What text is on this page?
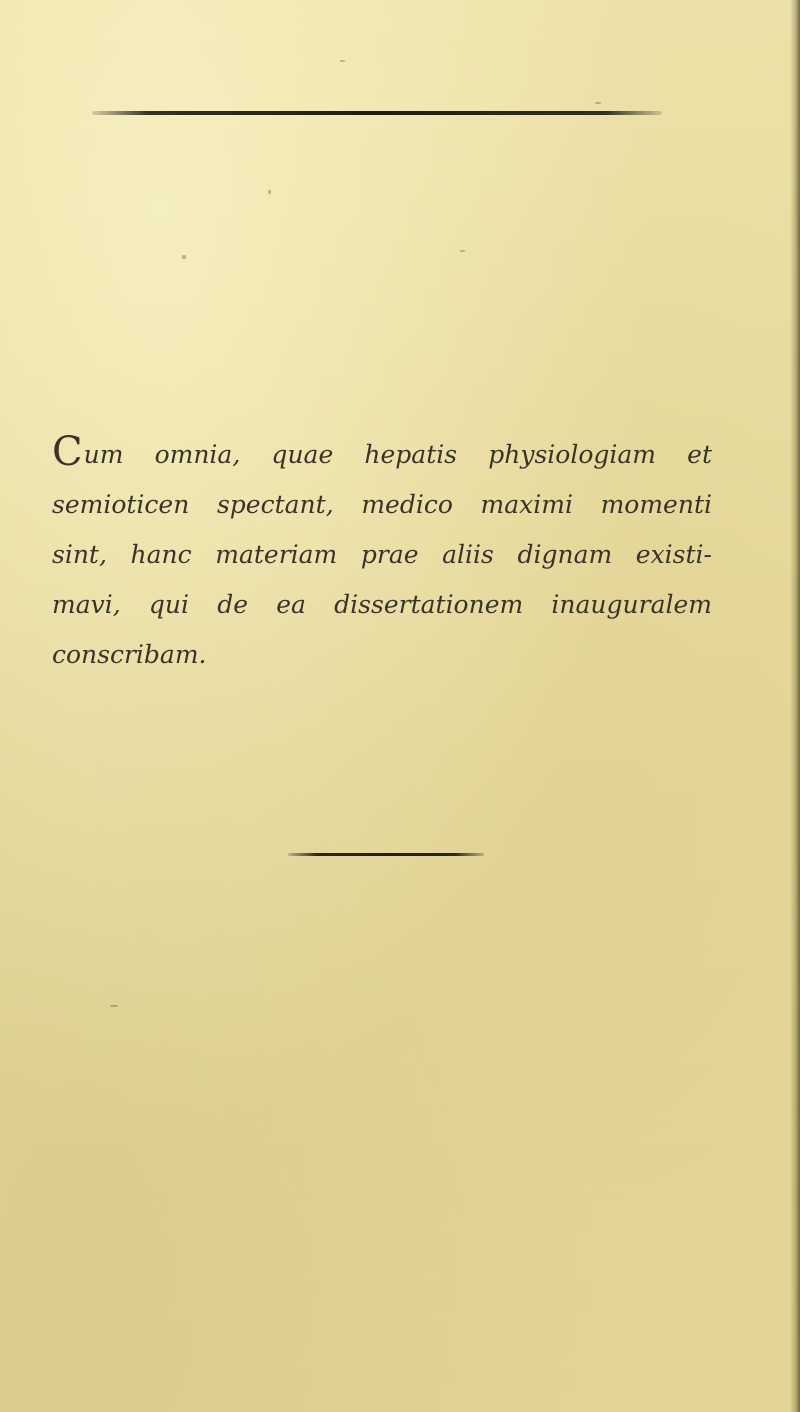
Cum omnia, quae hepatis physiologiam et
semioticen spectant, medico maximi momenti
sint, hanc materiam prae aliis dignam existi-
mavi, qui de ea dissertationem inauguralem
conscribam.
